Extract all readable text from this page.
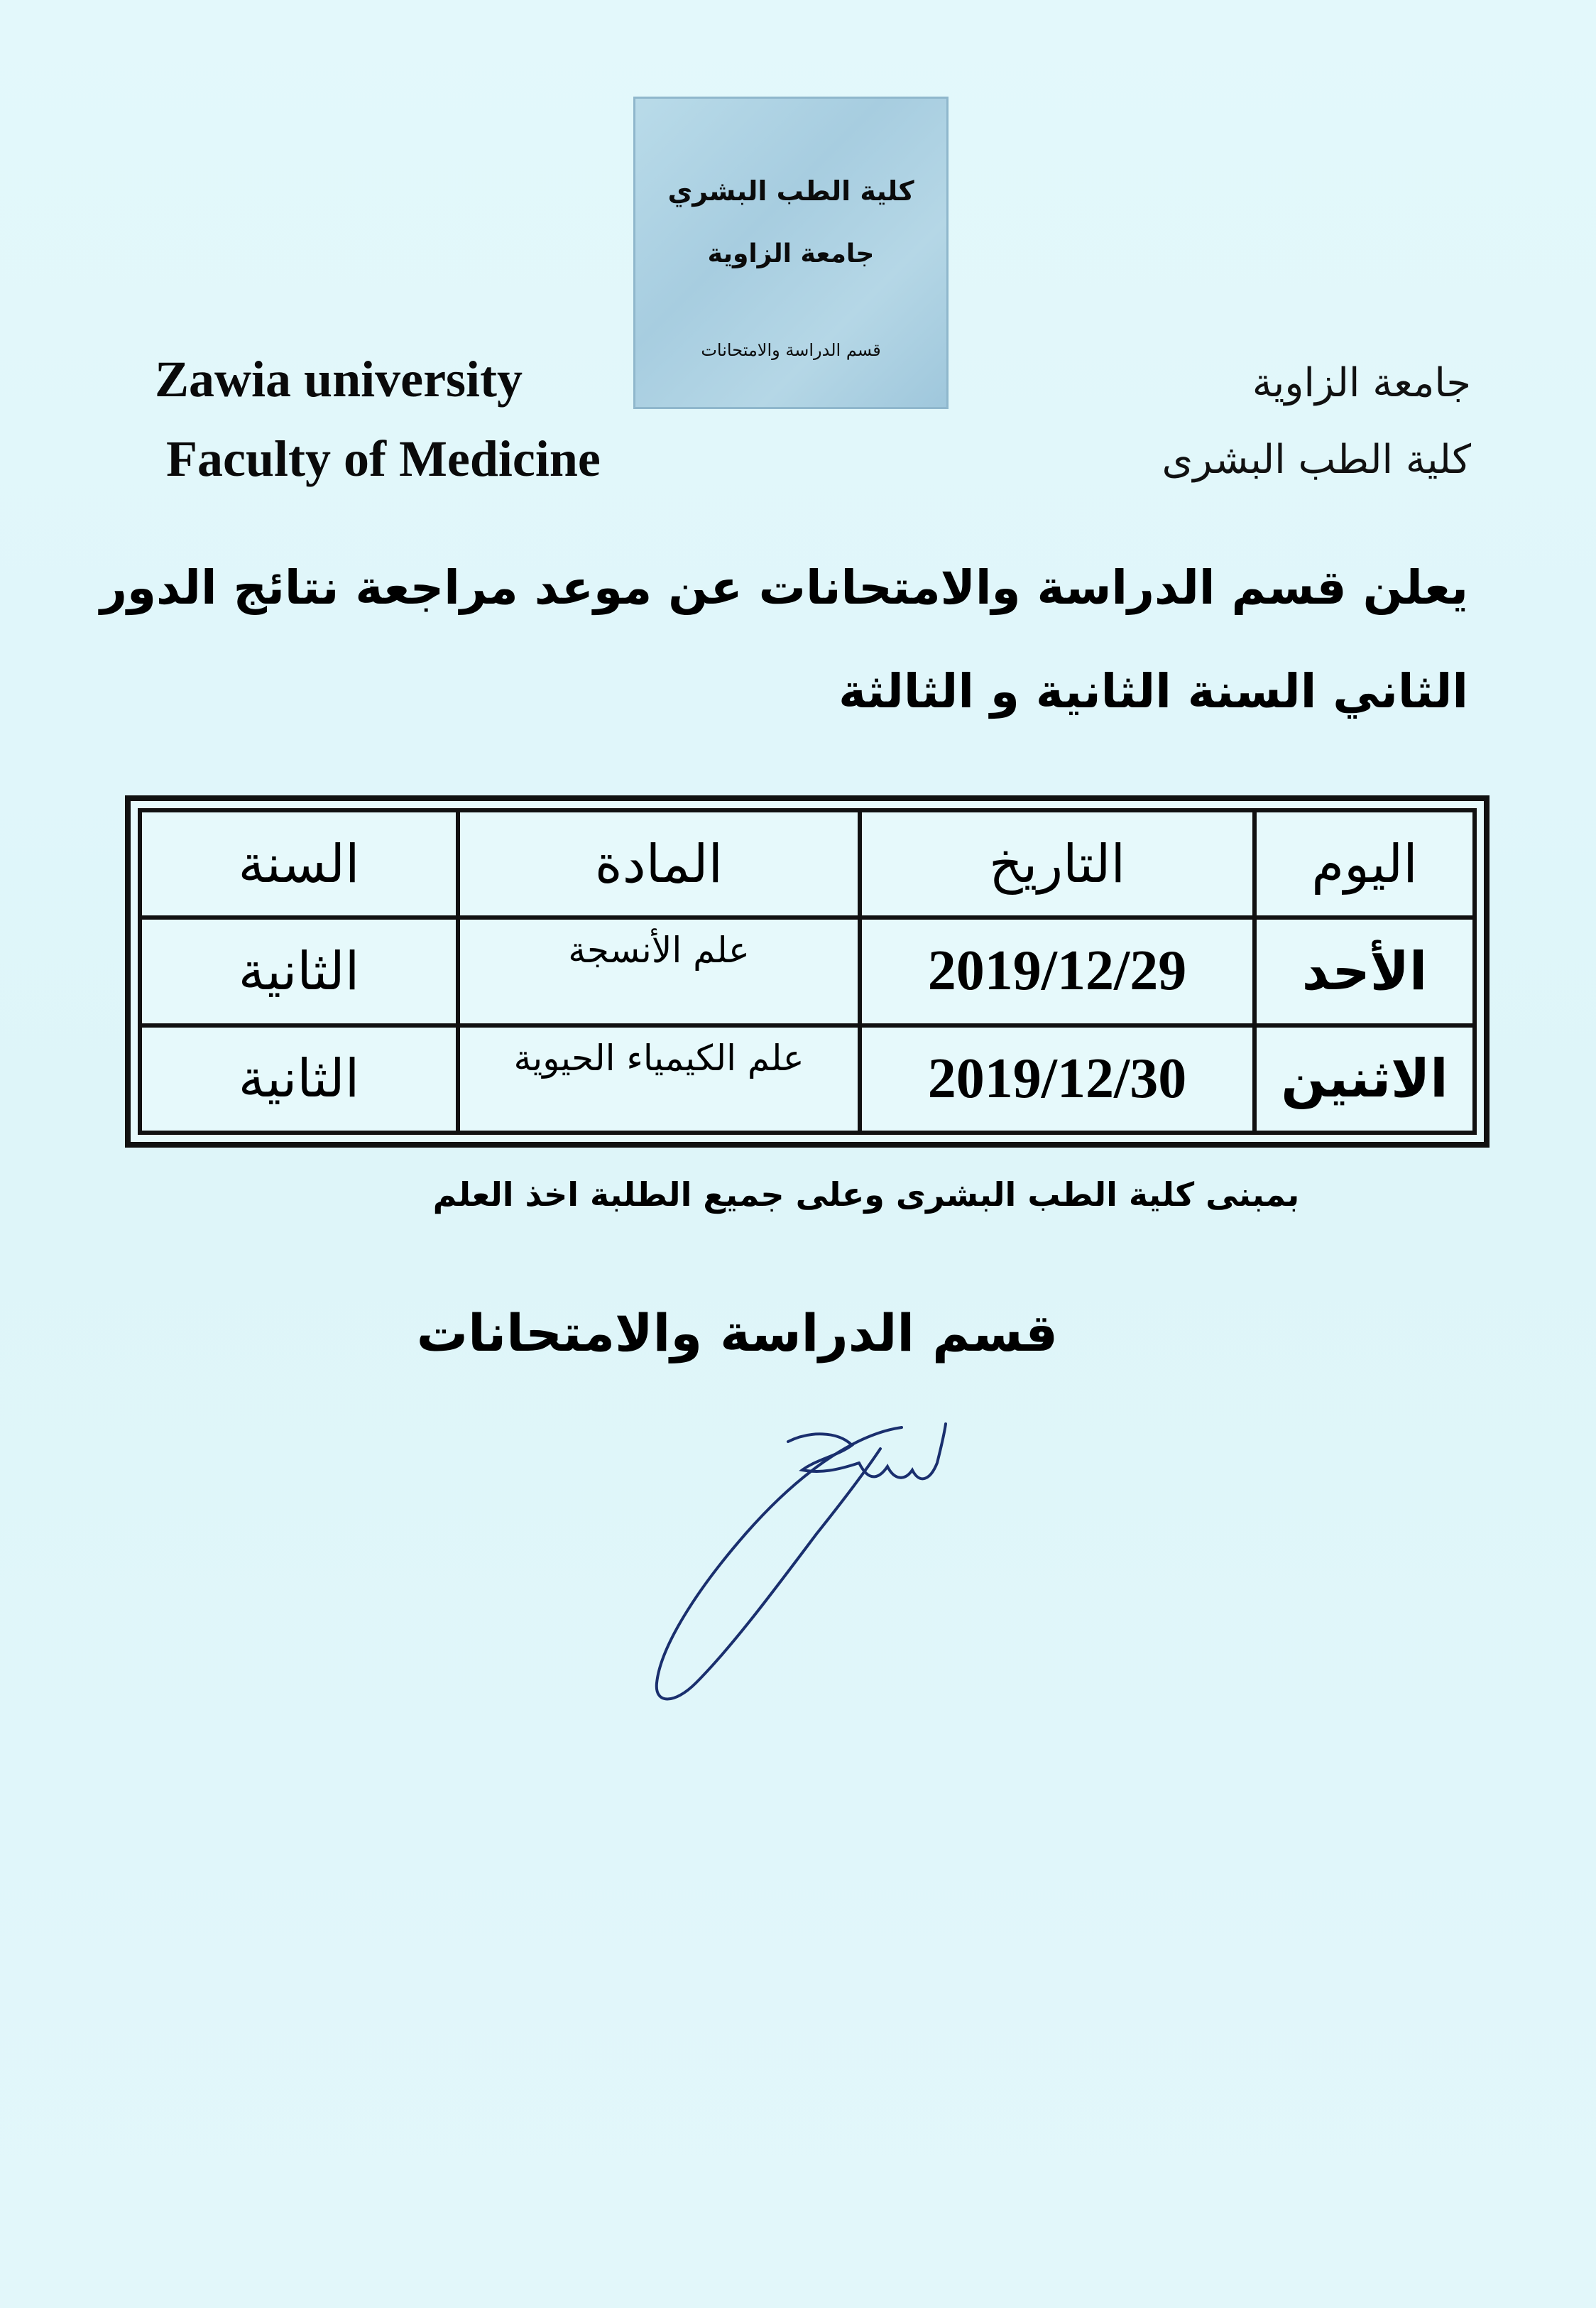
كلية الطب البشري
جامعة الزاوية
قسم الدراسة والامتحانات
Zawia university
Faculty of Medicine
جامعة الزاوية
كلية الطب البشرى
يعلن قسم الدراسة والامتحانات عن موعد مراجعة نتائج الدور
الثاني السنة الثانية و الثالثة
اليوم
التاريخ
المادة
السنة
الأحد
2019/12/29
علم الأنسجة
الثانية
الاثنين
2019/12/30
علم الكيمياء الحيوية
الثانية
بمبنى كلية الطب البشرى وعلى جميع الطلبة اخذ العلم
قسم الدراسة والامتحانات
